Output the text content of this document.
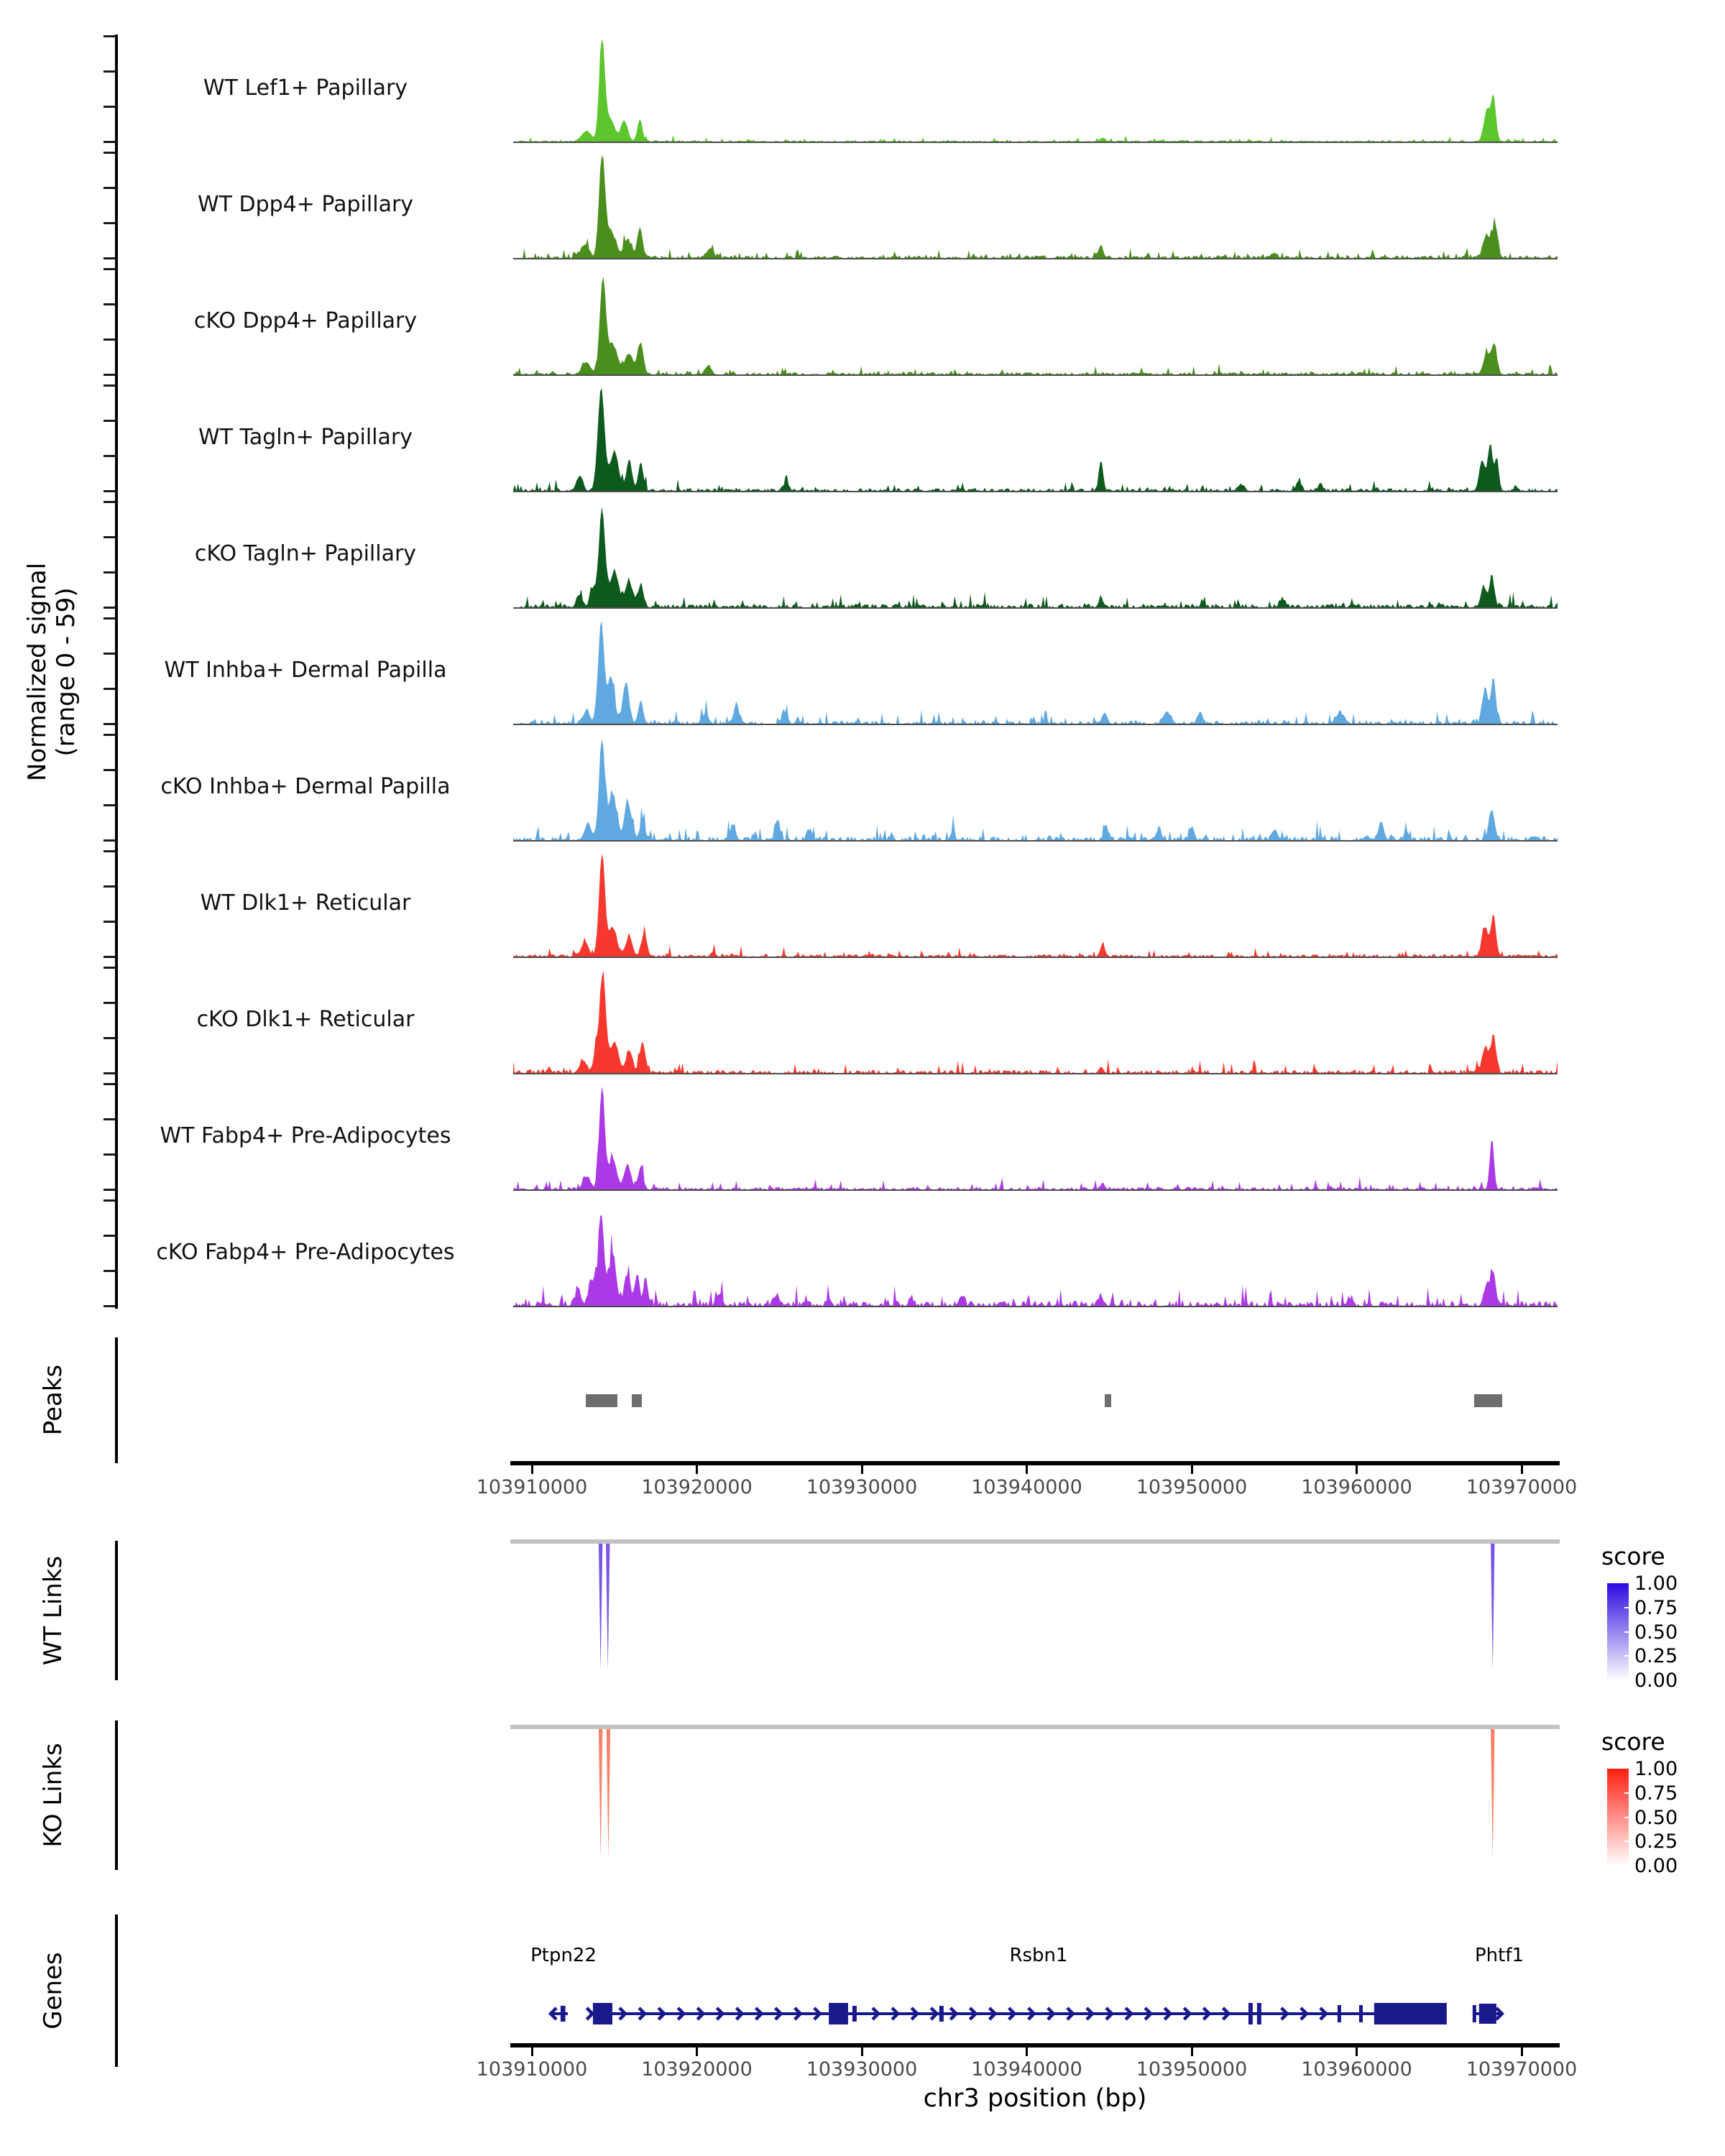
Normalized signal (range 0 - 59)
Peaks
WT Links
KO Links
Genes
WT Lef1+ Papillary
WT Dpp4+ Papillary
cKO Dpp4+ Papillary
WT Tagln+ Papillary
cKO Tagln+ Papillary
WT Inhba+ Dermal Papilla
cKO Inhba+ Dermal Papilla
WT Dlk1+ Reticular
cKO Dlk1+ Reticular
WT Fabp4+ Pre-Adipocytes
cKO Fabp4+ Pre-Adipocytes
103910000	103920000	103930000	103940000	103950000	103960000	103970000
103910000	103920000	103930000	103940000	103950000	103960000	103970000
score
1.00
0.75
0.50
0.25
0.00
score
1.00
0.75
0.50
0.25
0.00
Ptpn22	Rsbn1	Phtf1
chr3 position (bp)
